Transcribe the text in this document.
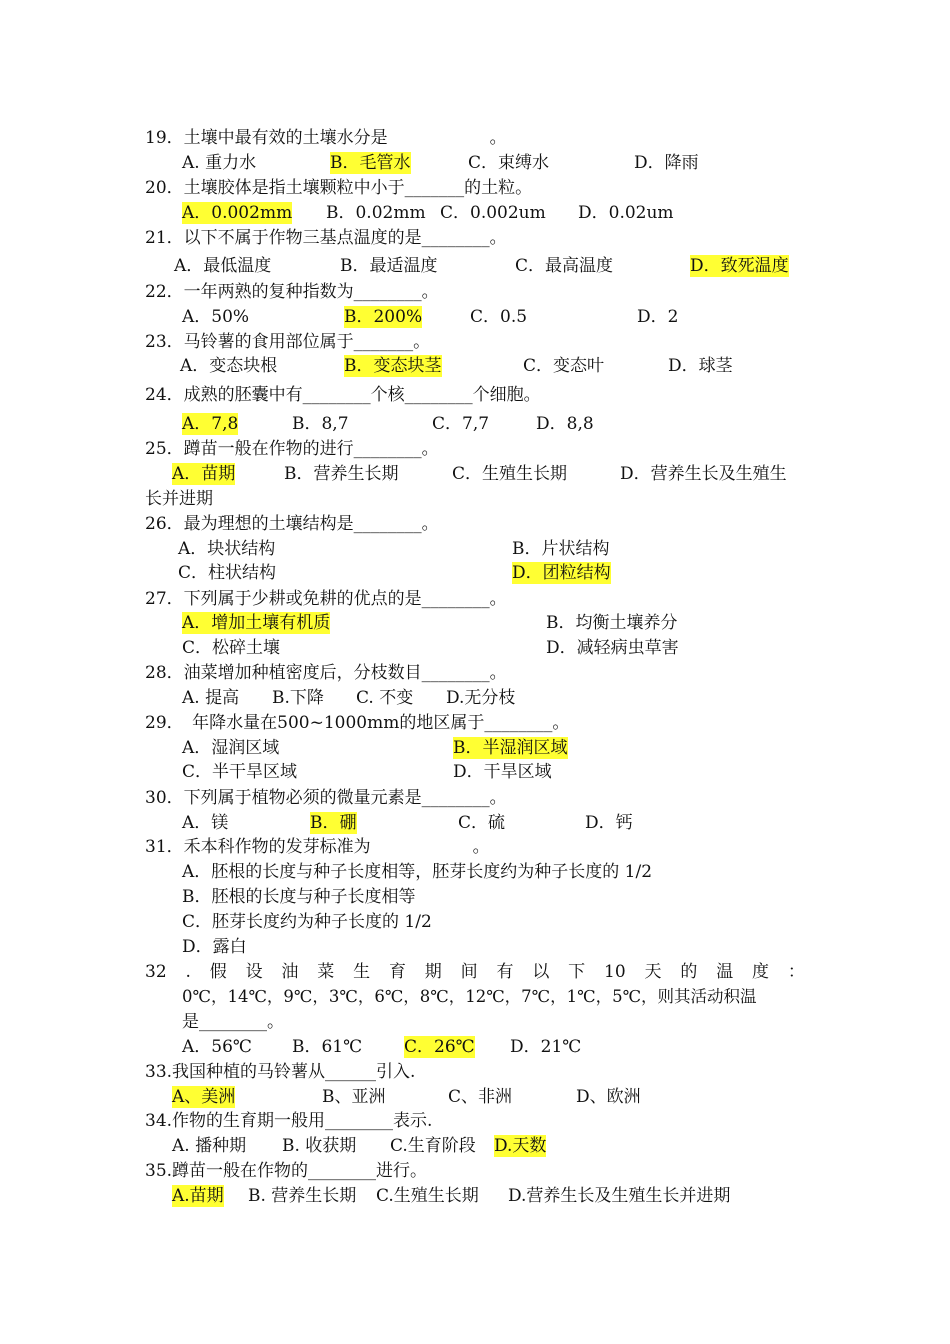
19．土壤中最有效的土壤水分是　　　　　　。
A. 重力水	B．毛管水	C．束缚水	D．降雨
20．土壤胶体是指土壤颗粒中小于_______的土粒。
A．0.002mm B．0.02mm C．0.002um D．0.02um
21．以下不属于作物三基点温度的是________。
A．最低温度	B．最适温度	C．最高温度	D．致死温度
22．一年两熟的复种指数为________。
A．50%	B．200%	C．0.5	D．2
23．马铃薯的食用部位属于_______。
A．变态块根	B．变态块茎	C．变态叶	D．球茎
24．成熟的胚囊中有________个核________个细胞。
A．7,8	B．8,7	C．7,7	D．8,8
25．蹲苗一般在作物的进行________。
A．苗期	B．营养生长期	C．生殖生长期	D．营养生长及生殖生
长并进期
26．最为理想的土壤结构是________。
A．块状结构	B．片状结构
C．柱状结构	D．团粒结构
27．下列属于少耕或免耕的优点的是________。
A．增加土壤有机质	B．均衡土壤养分
C．松碎土壤	D．减轻病虫草害
28．油菜增加种植密度后，分枝数目________。
A. 提高 B.下降 C. 不变 D.无分枝
29．　年降水量在500~1000mm的地区属于________。
A．湿润区域	B．半湿润区域
C．半干旱区域	D．干旱区域
30．下列属于植物必须的微量元素是________。
A．镁	B．硼	C．硫	D．钙
31．禾本科作物的发芽标准为　　　　　　。
A．胚根的长度与种子长度相等，胚芽长度约为种子长度的 1/2
B．胚根的长度与种子长度相等
C．胚芽长度约为种子长度的 1/2
D．露白
32 . 假 设 油 菜 生 育 期 间 有 以 下 10 天 的 温 度 ：
0℃，14℃，9℃，3℃，6℃，8℃，12℃，7℃，1℃，5℃，则其活动积温
是________。
A．56℃ B．61℃ C．26℃ D．21℃
33.我国种植的马铃薯从______引入.
A、美洲	B、亚洲	C、非洲	D、欧洲
34.作物的生育期一般用________表示.
A. 播种期 B. 收获期 C.生育阶段 D.天数
35.蹲苗一般在作物的________进行。
A.苗期 B. 营养生长期 C.生殖生长期 D.营养生长及生殖生长并进期
